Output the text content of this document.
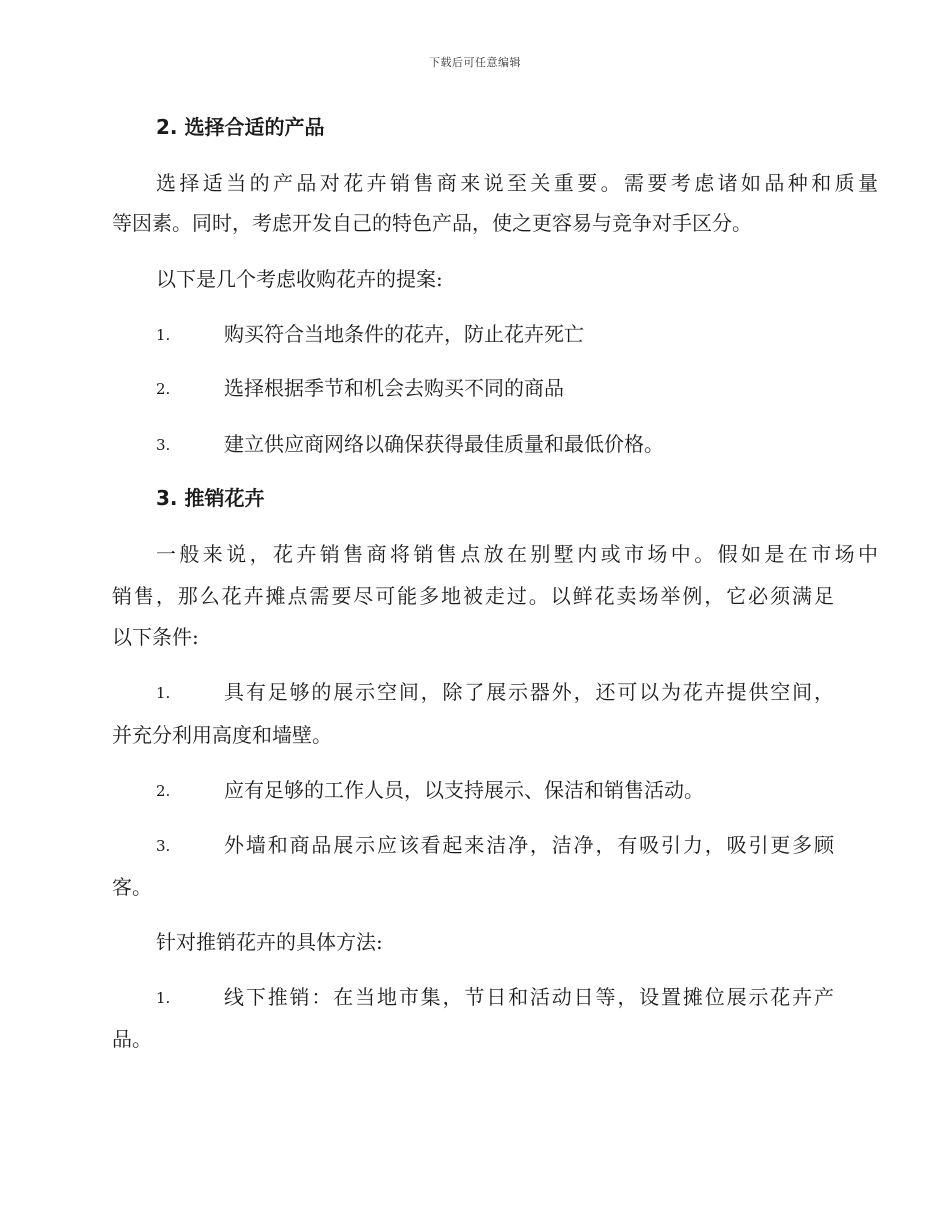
下载后可任意编辑
2. 选择合适的产品
选择适当的产品对花卉销售商来说至关重要。需要考虑诸如品种和质量
等因素。同时，考虑开发自己的特色产品，使之更容易与竞争对手区分。
以下是几个考虑收购花卉的提案:
1.	购买符合当地条件的花卉，防止花卉死亡
2.	选择根据季节和机会去购买不同的商品
3.	建立供应商网络以确保获得最佳质量和最低价格。
3. 推销花卉
一般来说，花卉销售商将销售点放在别墅内或市场中。假如是在市场中
销售，那么花卉摊点需要尽可能多地被走过。以鲜花卖场举例，它必须满足
以下条件:
1.	具有足够的展示空间，除了展示器外，还可以为花卉提供空间，
并充分利用高度和墙壁。
2.	应有足够的工作人员，以支持展示、保洁和销售活动。
3.	外墙和商品展示应该看起来洁净，洁净，有吸引力，吸引更多顾
客。
针对推销花卉的具体方法:
1.	线下推销：在当地市集，节日和活动日等，设置摊位展示花卉产
品。
